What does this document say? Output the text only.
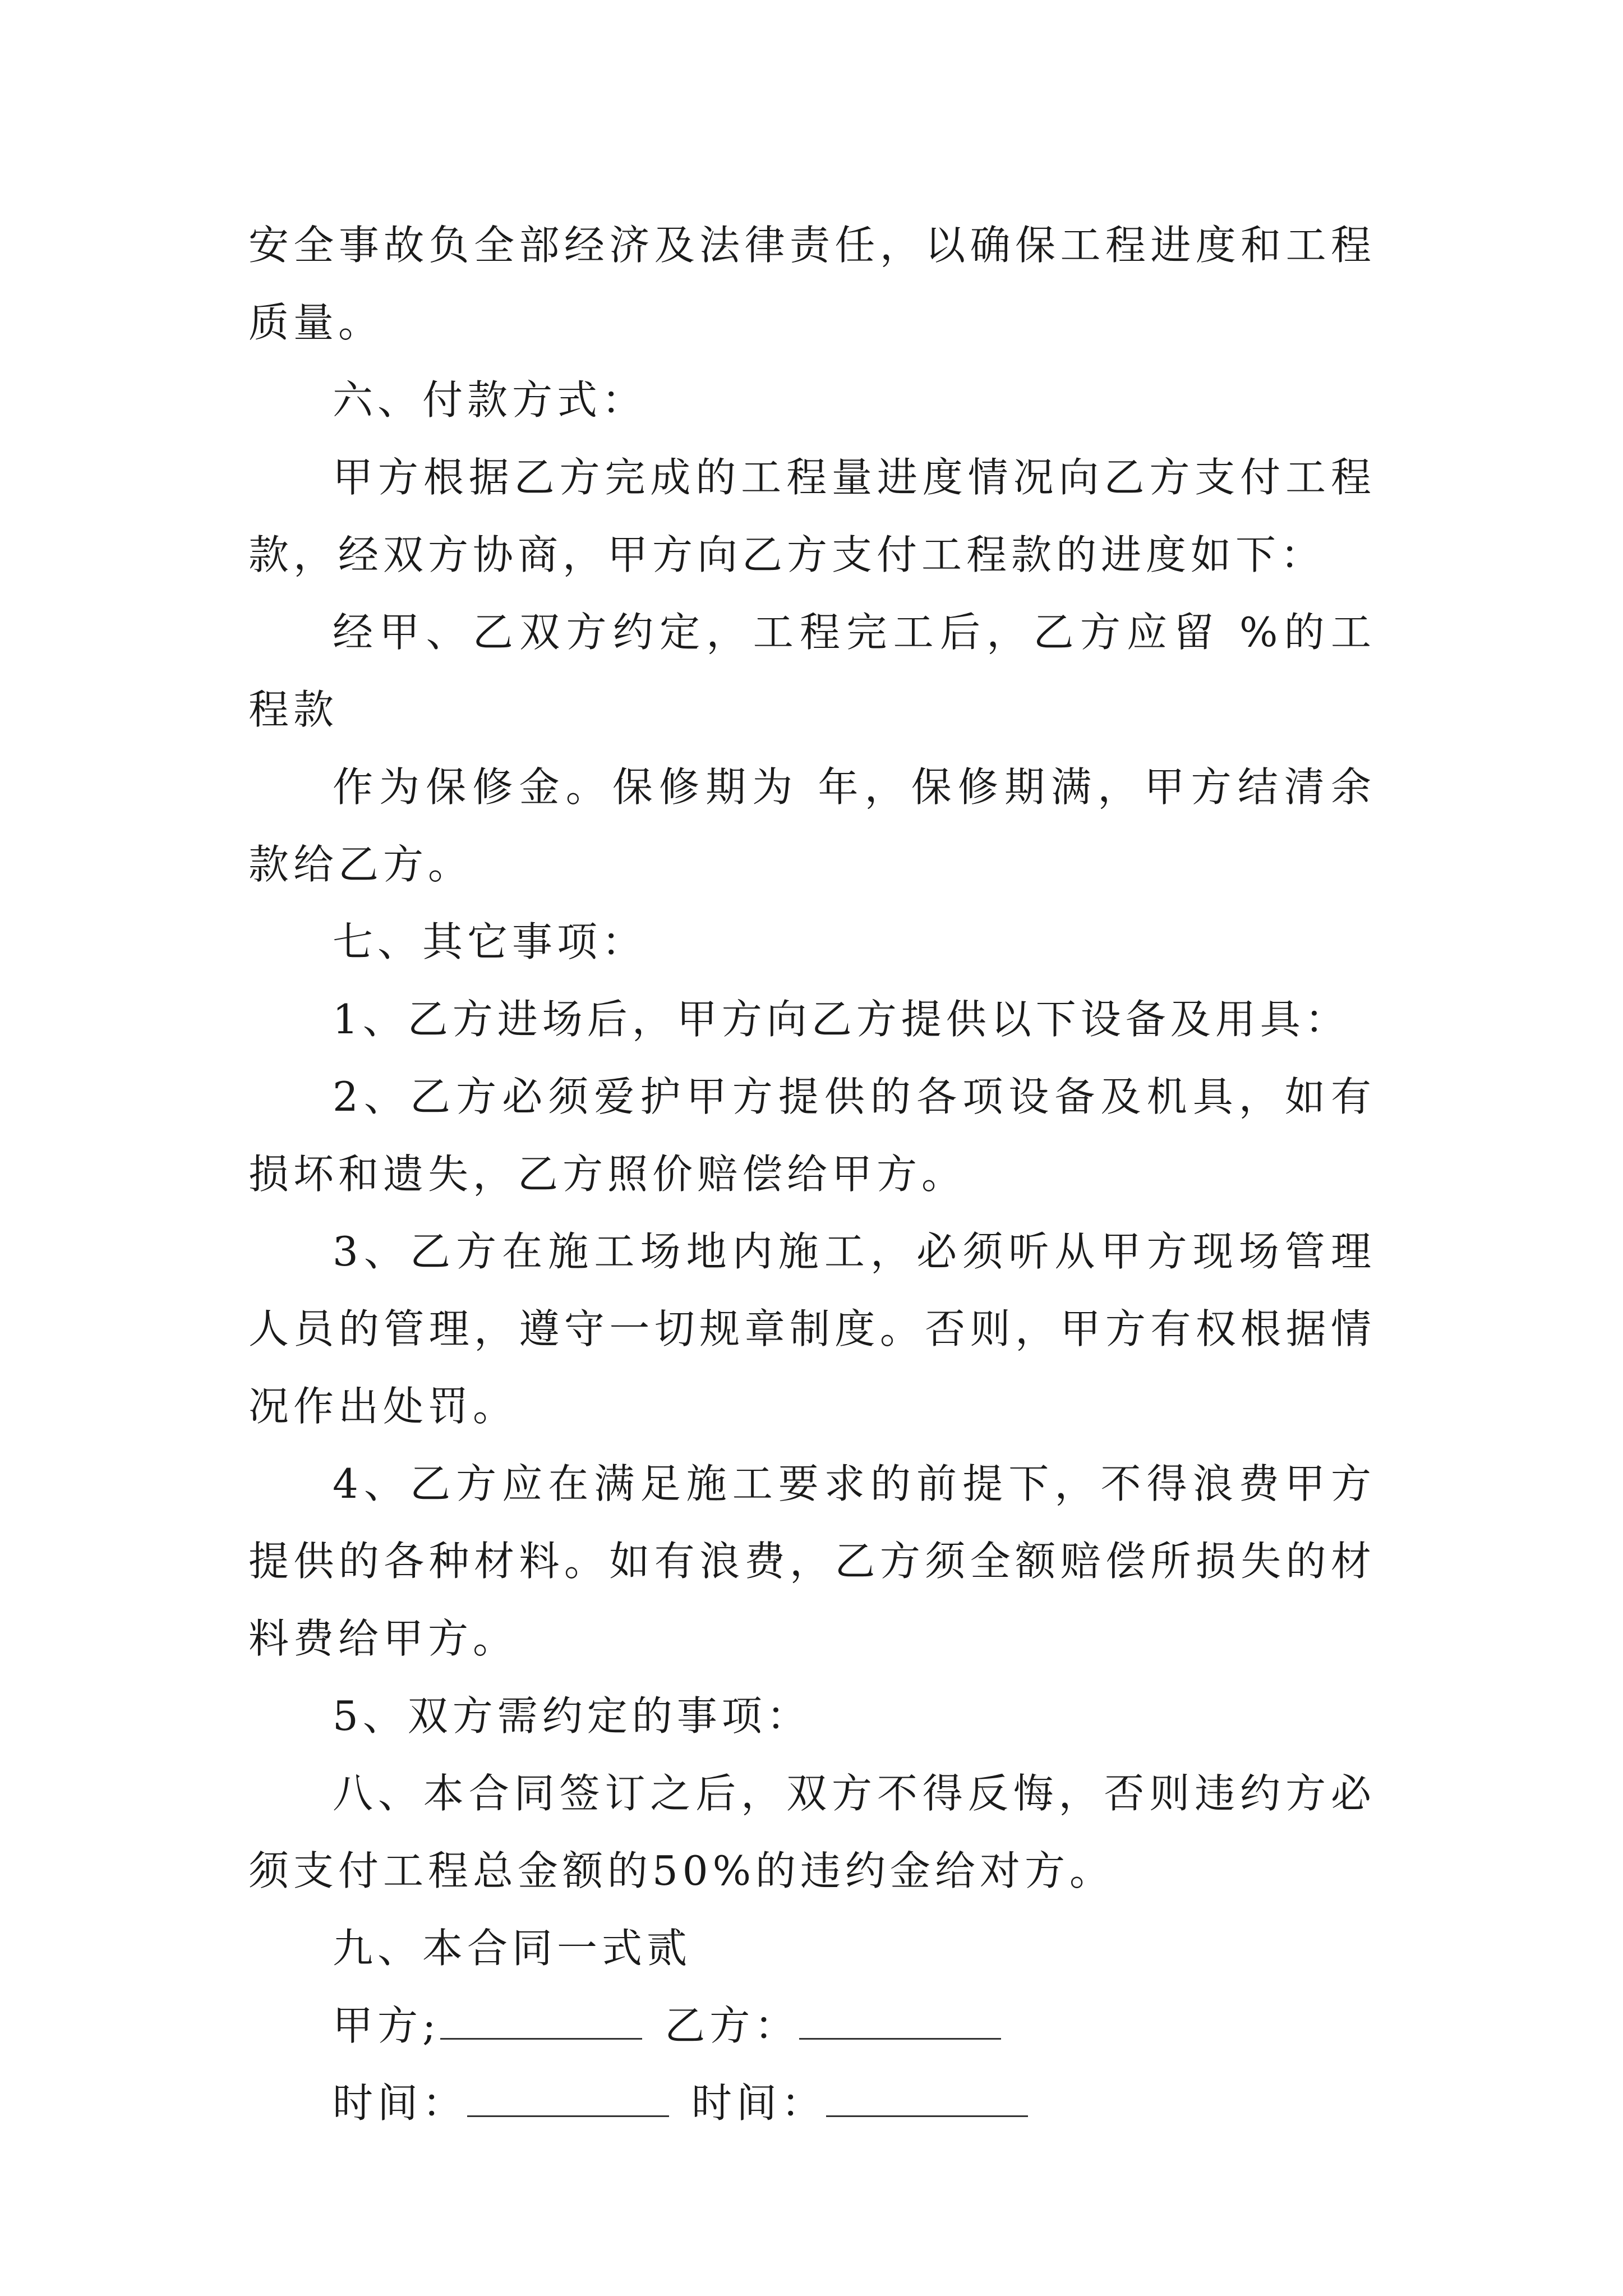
安全事故负全部经济及法律责任，以确保工程进度和工程质量。

六、付款方式：

甲方根据乙方完成的工程量进度情况向乙方支付工程款，经双方协商，甲方向乙方支付工程款的进度如下：

经甲、乙双方约定，工程完工后，乙方应留 %的工程款

作为保修金。保修期为 年，保修期满，甲方结清余款给乙方。

七、其它事项：

1、乙方进场后，甲方向乙方提供以下设备及用具：

2、乙方必须爱护甲方提供的各项设备及机具，如有损坏和遗失，乙方照价赔偿给甲方。

3、乙方在施工场地内施工，必须听从甲方现场管理人员的管理，遵守一切规章制度。否则，甲方有权根据情况作出处罚。

4、乙方应在满足施工要求的前提下，不得浪费甲方提供的各种材料。如有浪费，乙方须全额赔偿所损失的材料费给甲方。

5、双方需约定的事项：

八、本合同签订之后，双方不得反悔，否则违约方必须支付工程总金额的50%的违约金给对方。

九、本合同一式贰

甲方;	乙方：

时间：	时间：
